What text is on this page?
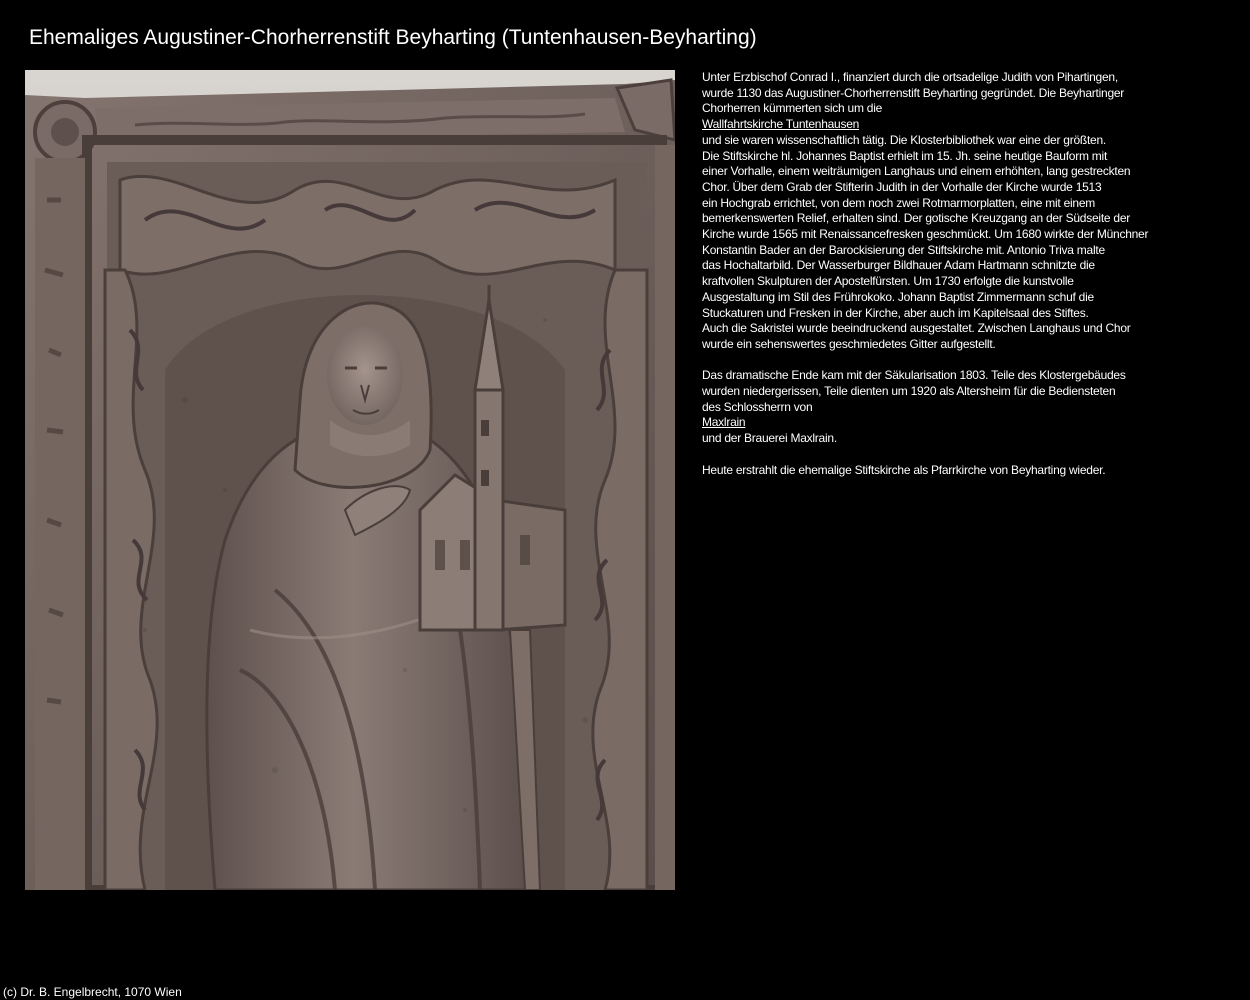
Ehemaliges Augustiner-Chorherrenstift Beyharting (Tuntenhausen-Beyharting)

Unter Erzbischof Conrad I., finanziert durch die ortsadelige Judith von Pihartingen,
wurde 1130 das Augustiner-Chorherrenstift Beyharting gegründet. Die Beyhartinger
Chorherren kümmerten sich um die
Wallfahrtskirche Tuntenhausen
und sie waren wissenschaftlich tätig. Die Klosterbibliothek war eine der größten.
Die Stiftskirche hl. Johannes Baptist erhielt im 15. Jh. seine heutige Bauform mit
einer Vorhalle, einem weiträumigen Langhaus und einem erhöhten, lang gestreckten
Chor. Über dem Grab der Stifterin Judith in der Vorhalle der Kirche wurde 1513
ein Hochgrab errichtet, von dem noch zwei Rotmarmorplatten, eine mit einem
bemerkenswerten Relief, erhalten sind. Der gotische Kreuzgang an der Südseite der
Kirche wurde 1565 mit Renaissancefresken geschmückt. Um 1680 wirkte der Münchner
Konstantin Bader an der Barockisierung der Stiftskirche mit. Antonio Triva malte
das Hochaltarbild. Der Wasserburger Bildhauer Adam Hartmann schnitzte die
kraftvollen Skulpturen der Apostelfürsten. Um 1730 erfolgte die kunstvolle
Ausgestaltung im Stil des Frührokoko. Johann Baptist Zimmermann schuf die
Stuckaturen und Fresken in der Kirche, aber auch im Kapitelsaal des Stiftes.
Auch die Sakristei wurde beeindruckend ausgestaltet. Zwischen Langhaus und Chor
wurde ein sehenswertes geschmiedetes Gitter aufgestellt.

Das dramatische Ende kam mit der Säkularisation 1803. Teile des Klostergebäudes
wurden niedergerissen, Teile dienten um 1920 als Altersheim für die Bediensteten
des Schlossherrn von
Maxlrain
und der Brauerei Maxlrain.

Heute erstrahlt die ehemalige Stiftskirche als Pfarrkirche von Beyharting wieder.

(c) Dr. B. Engelbrecht, 1070 Wien
